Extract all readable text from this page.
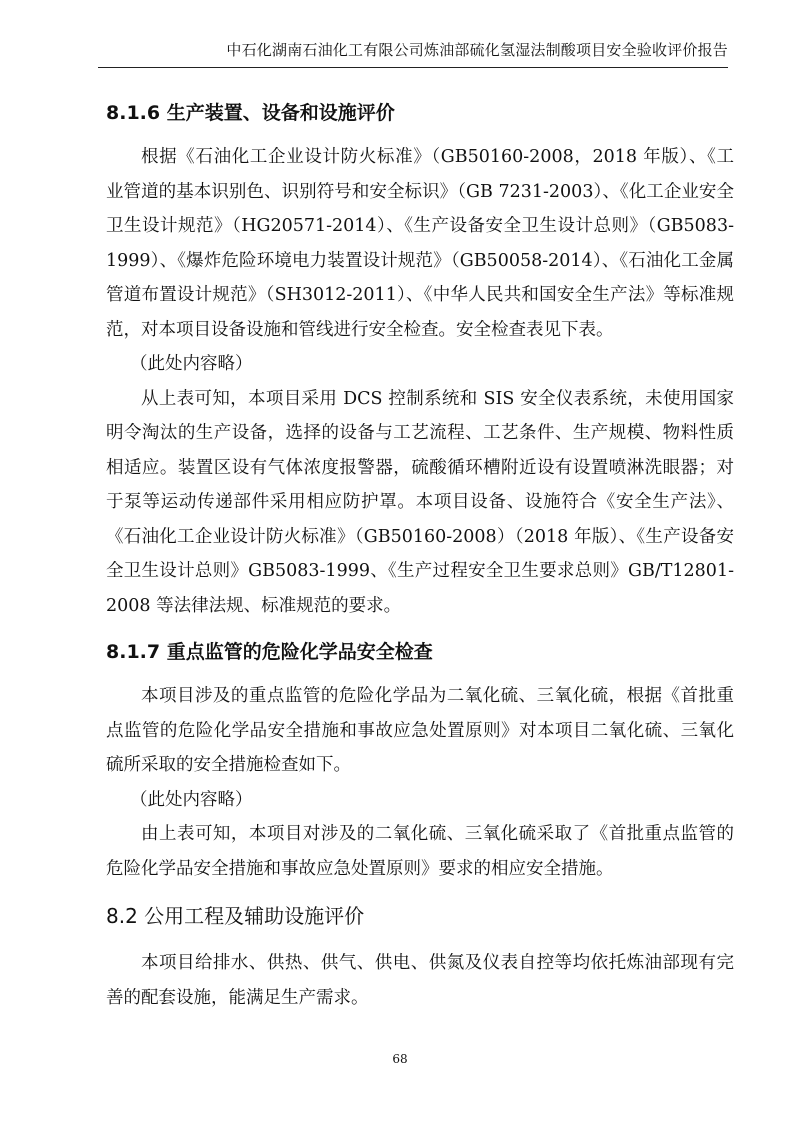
中石化湖南石油化工有限公司炼油部硫化氢湿法制酸项目安全验收评价报告
8.1.6 生产装置、设备和设施评价

根据《石油化工企业设计防火标准》（GB50160-2008，2018 年版）、《工业管道的基本识别色、识别符号和安全标识》（GB 7231-2003）、《化工企业安全卫生设计规范》（HG20571-2014）、《生产设备安全卫生设计总则》（GB5083-1999）、《爆炸危险环境电力装置设计规范》（GB50058-2014）、《石油化工金属管道布置设计规范》（SH3012-2011）、《中华人民共和国安全生产法》等标准规范，对本项目设备设施和管线进行安全检查。安全检查表见下表。

（此处内容略）

从上表可知，本项目采用 DCS 控制系统和 SIS 安全仪表系统，未使用国家明令淘汰的生产设备，选择的设备与工艺流程、工艺条件、生产规模、物料性质相适应。装置区设有气体浓度报警器，硫酸循环槽附近设有设置喷淋洗眼器；对于泵等运动传递部件采用相应防护罩。本项目设备、设施符合《安全生产法》、《石油化工企业设计防火标准》（GB50160-2008）（2018 年版）、《生产设备安全卫生设计总则》GB5083-1999、《生产过程安全卫生要求总则》GB/T12801-2008 等法律法规、标准规范的要求。

8.1.7 重点监管的危险化学品安全检查

本项目涉及的重点监管的危险化学品为二氧化硫、三氧化硫，根据《首批重点监管的危险化学品安全措施和事故应急处置原则》对本项目二氧化硫、三氧化硫所采取的安全措施检查如下。

（此处内容略）

由上表可知，本项目对涉及的二氧化硫、三氧化硫采取了《首批重点监管的危险化学品安全措施和事故应急处置原则》要求的相应安全措施。

8.2 公用工程及辅助设施评价

本项目给排水、供热、供气、供电、供氮及仪表自控等均依托炼油部现有完善的配套设施，能满足生产需求。

68
